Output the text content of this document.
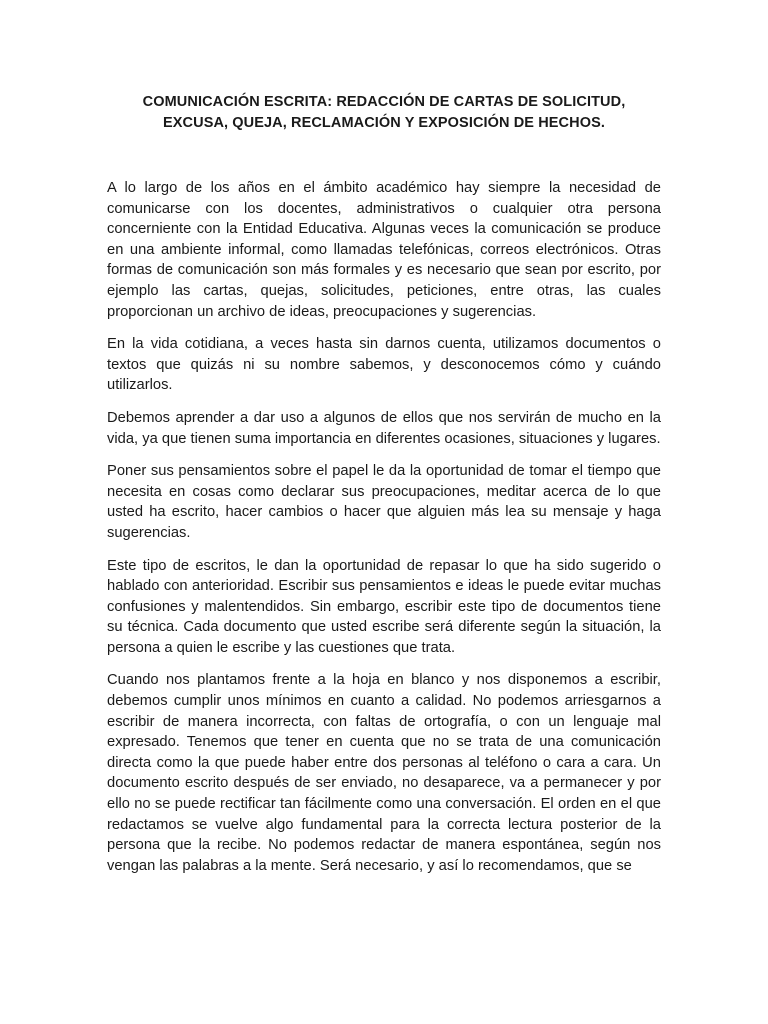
COMUNICACIÓN ESCRITA: REDACCIÓN DE CARTAS DE SOLICITUD,
EXCUSA, QUEJA, RECLAMACIÓN Y EXPOSICIÓN DE HECHOS.

A lo largo de los años en el ámbito académico hay siempre la necesidad de comunicarse con los docentes, administrativos o cualquier otra persona concerniente con la Entidad Educativa. Algunas veces la comunicación se produce en una ambiente informal, como llamadas telefónicas, correos electrónicos. Otras formas de comunicación son más formales y es necesario que sean por escrito, por ejemplo las cartas, quejas, solicitudes, peticiones, entre otras, las cuales proporcionan un archivo de ideas, preocupaciones y sugerencias.

En la vida cotidiana, a veces hasta sin darnos cuenta, utilizamos documentos o textos que quizás ni su nombre sabemos, y desconocemos cómo y cuándo utilizarlos.

Debemos aprender a dar uso a algunos de ellos que nos servirán de mucho en la vida, ya que tienen suma importancia en diferentes ocasiones, situaciones y lugares.

Poner sus pensamientos sobre el papel le da la oportunidad de tomar el tiempo que necesita en cosas como declarar sus preocupaciones, meditar acerca de lo que usted ha escrito, hacer cambios o hacer que alguien más lea su mensaje y haga sugerencias.

Este tipo de escritos, le dan la oportunidad de repasar lo que ha sido sugerido o hablado con anterioridad. Escribir sus pensamientos e ideas le puede evitar muchas confusiones y malentendidos. Sin embargo, escribir este tipo de documentos tiene su técnica. Cada documento que usted escribe será diferente según la situación, la persona a quien le escribe y las cuestiones que trata.

Cuando nos plantamos frente a la hoja en blanco y nos disponemos a escribir, debemos cumplir unos mínimos en cuanto a calidad. No podemos arriesgarnos a escribir de manera incorrecta, con faltas de ortografía, o con un lenguaje mal expresado. Tenemos que tener en cuenta que no se trata de una comunicación directa como la que puede haber entre dos personas al teléfono o cara a cara. Un documento escrito después de ser enviado, no desaparece, va a permanecer y por ello no se puede rectificar tan fácilmente como una conversación. El orden en el que redactamos se vuelve algo fundamental para la correcta lectura posterior de la persona que la recibe. No podemos redactar de manera espontánea, según nos vengan las palabras a la mente. Será necesario, y así lo recomendamos, que se
